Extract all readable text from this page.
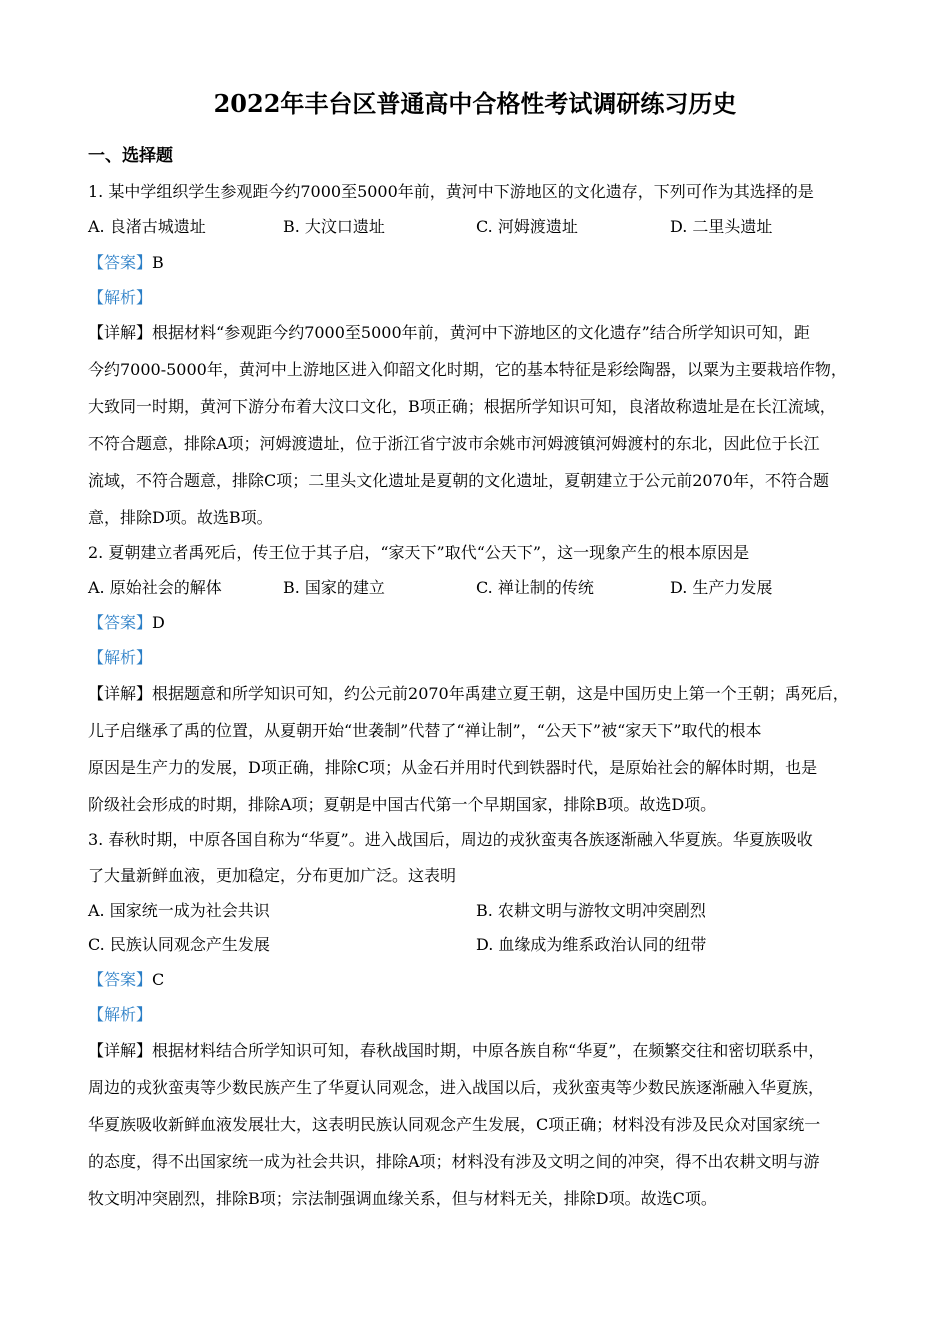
2022年丰台区普通高中合格性考试调研练习历史
一、选择题
1. 某中学组织学生参观距今约7000至5000年前，黄河中下游地区的文化遗存，下列可作为其选择的是
A. 良渚古城遗址	B. 大汶口遗址	C. 河姆渡遗址	D. 二里头遗址
【答案】B
【解析】
【详解】根据材料“参观距今约7000至5000年前，黄河中下游地区的文化遗存”结合所学知识可知，距
今约7000-5000年，黄河中上游地区进入仰韶文化时期，它的基本特征是彩绘陶器，以粟为主要栽培作物，
大致同一时期，黄河下游分布着大汶口文化，B项正确；根据所学知识可知，良渚故称遗址是在长江流域，
不符合题意，排除A项；河姆渡遗址，位于浙江省宁波市余姚市河姆渡镇河姆渡村的东北，因此位于长江
流域，不符合题意，排除C项；二里头文化遗址是夏朝的文化遗址，夏朝建立于公元前2070年，不符合题
意，排除D项。故选B项。
2. 夏朝建立者禹死后，传王位于其子启，“家天下”取代“公天下”，这一现象产生的根本原因是
A. 原始社会的解体	B. 国家的建立	C. 禅让制的传统	D. 生产力发展
【答案】D
【解析】
【详解】根据题意和所学知识可知，约公元前2070年禹建立夏王朝，这是中国历史上第一个王朝；禹死后，
儿子启继承了禹的位置，从夏朝开始“世袭制”代替了“禅让制”，“公天下”被“家天下”取代的根本
原因是生产力的发展，D项正确，排除C项；从金石并用时代到铁器时代，是原始社会的解体时期，也是
阶级社会形成的时期，排除A项；夏朝是中国古代第一个早期国家，排除B项。故选D项。
3. 春秋时期，中原各国自称为“华夏”。进入战国后，周边的戎狄蛮夷各族逐渐融入华夏族。华夏族吸收
了大量新鲜血液，更加稳定，分布更加广泛。这表明
A. 国家统一成为社会共识	B. 农耕文明与游牧文明冲突剧烈
C. 民族认同观念产生发展	D. 血缘成为维系政治认同的纽带
【答案】C
【解析】
【详解】根据材料结合所学知识可知，春秋战国时期，中原各族自称“华夏”，在频繁交往和密切联系中，
周边的戎狄蛮夷等少数民族产生了华夏认同观念，进入战国以后，戎狄蛮夷等少数民族逐渐融入华夏族，
华夏族吸收新鲜血液发展壮大，这表明民族认同观念产生发展，C项正确；材料没有涉及民众对国家统一
的态度，得不出国家统一成为社会共识，排除A项；材料没有涉及文明之间的冲突，得不出农耕文明与游
牧文明冲突剧烈，排除B项；宗法制强调血缘关系，但与材料无关，排除D项。故选C项。
